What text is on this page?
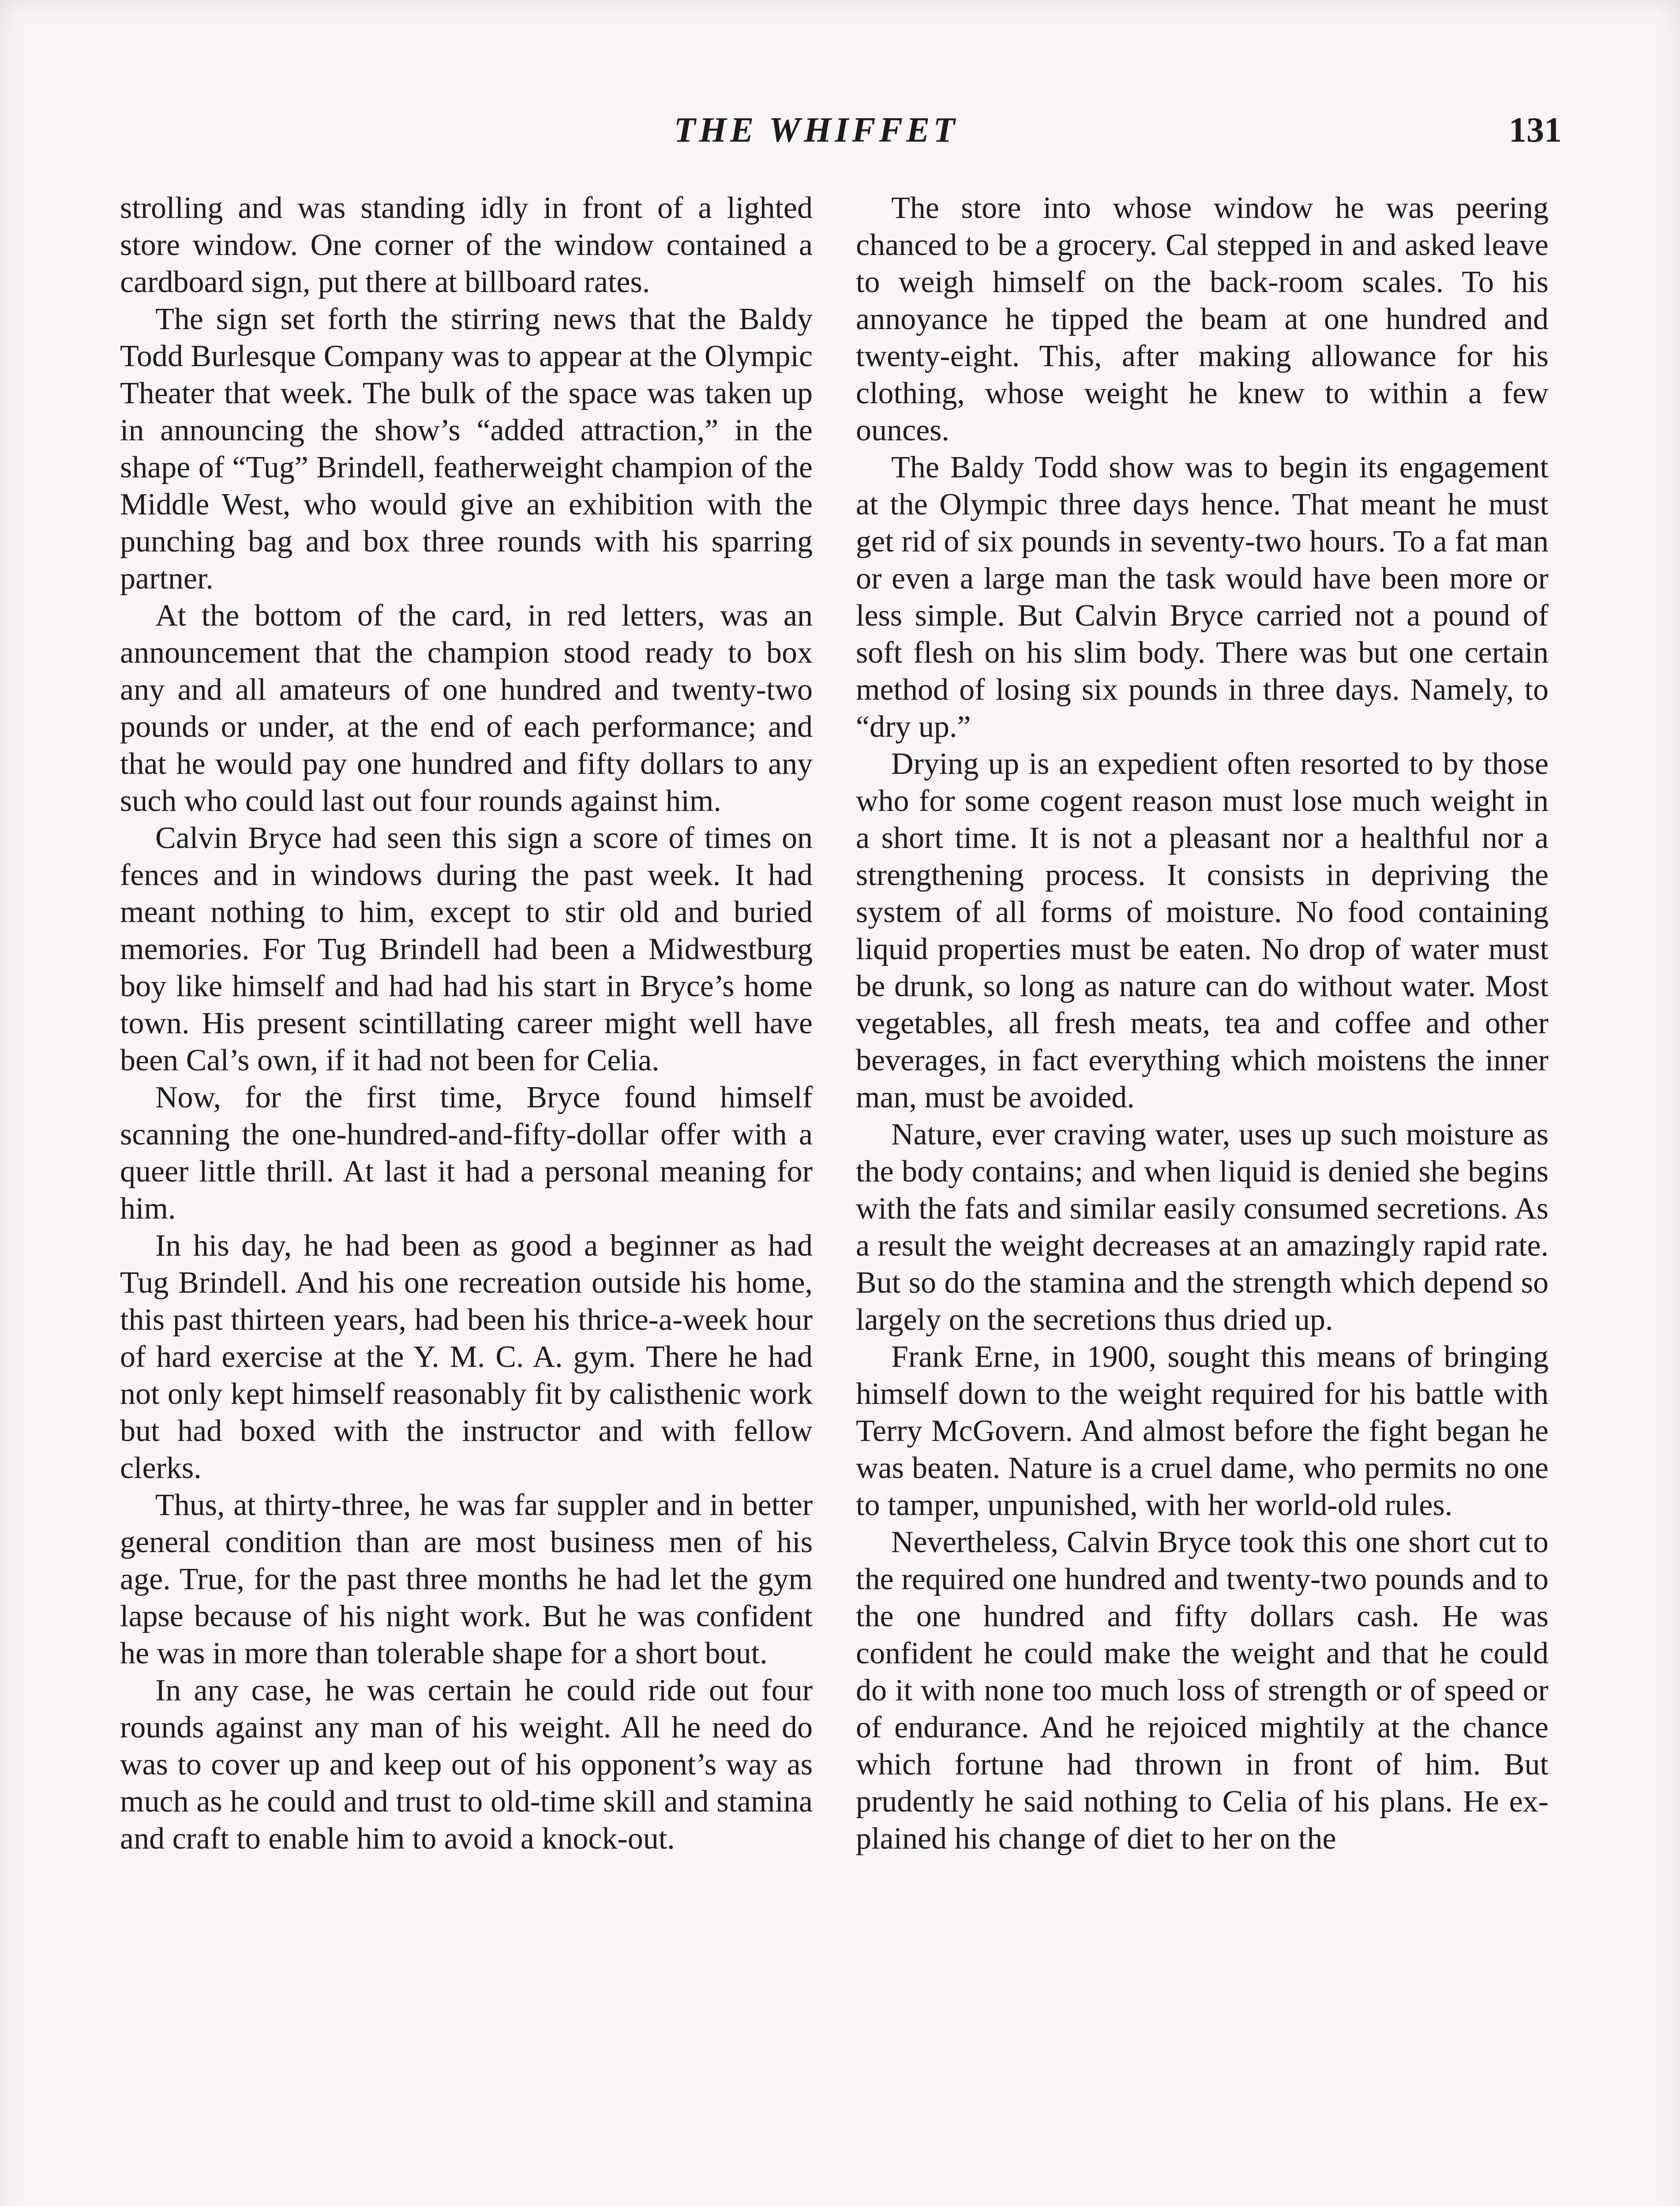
THE WHIFFET	131

strolling and was standing idly in front of a lighted store window. One corner of the window contained a cardboard sign, put there at billboard rates.

The sign set forth the stirring news that the Baldy Todd Burlesque Company was to appear at the Olympic Theater that week. The bulk of the space was taken up in announcing the show’s “added attraction,” in the shape of “Tug” Brindell, featherweight champion of the Middle West, who would give an exhibition with the punching bag and box three rounds with his sparring partner.

At the bottom of the card, in red letters, was an announcement that the champion stood ready to box any and all amateurs of one hundred and twenty-two pounds or under, at the end of each performance; and that he would pay one hundred and fifty dollars to any such who could last out four rounds against him.

Calvin Bryce had seen this sign a score of times on fences and in windows during the past week. It had meant nothing to him, except to stir old and buried memories. For Tug Brindell had been a Midwestburg boy like himself and had had his start in Bryce’s home town. His present scintillating career might well have been Cal’s own, if it had not been for Celia.

Now, for the first time, Bryce found himself scanning the one-hundred-and-fifty-dollar offer with a queer little thrill. At last it had a personal meaning for him.

In his day, he had been as good a beginner as had Tug Brindell. And his one recreation outside his home, this past thirteen years, had been his thrice-a-week hour of hard exercise at the Y. M. C. A. gym. There he had not only kept himself reasonably fit by calisthenic work but had boxed with the instructor and with fellow clerks.

Thus, at thirty-three, he was far suppler and in better general condition than are most business men of his age. True, for the past three months he had let the gym lapse because of his night work. But he was confident he was in more than tolerable shape for a short bout.

In any case, he was certain he could ride out four rounds against any man of his weight. All he need do was to cover up and keep out of his opponent’s way as much as he could and trust to old-time skill and stamina and craft to enable him to avoid a knock-out.

The store into whose window he was peering chanced to be a grocery. Cal stepped in and asked leave to weigh himself on the back-room scales. To his annoyance he tipped the beam at one hundred and twenty-eight. This, after making allowance for his clothing, whose weight he knew to within a few ounces.

The Baldy Todd show was to begin its engagement at the Olympic three days hence. That meant he must get rid of six pounds in seventy-two hours. To a fat man or even a large man the task would have been more or less simple. But Calvin Bryce carried not a pound of soft flesh on his slim body. There was but one certain method of losing six pounds in three days. Namely, to “dry up.”

Drying up is an expedient often resorted to by those who for some cogent reason must lose much weight in a short time. It is not a pleasant nor a healthful nor a strengthening process. It consists in depriving the system of all forms of moisture. No food containing liquid properties must be eaten. No drop of water must be drunk, so long as nature can do without water. Most vegetables, all fresh meats, tea and coffee and other beverages, in fact everything which moistens the inner man, must be avoided.

Nature, ever craving water, uses up such moisture as the body contains; and when liquid is denied she begins with the fats and similar easily consumed secretions. As a result the weight decreases at an amazingly rapid rate. But so do the stamina and the strength which depend so largely on the secretions thus dried up.

Frank Erne, in 1900, sought this means of bringing himself down to the weight required for his battle with Terry McGovern. And almost before the fight began he was beaten. Nature is a cruel dame, who permits no one to tamper, unpunished, with her world-old rules.

Nevertheless, Calvin Bryce took this one short cut to the required one hundred and twenty-two pounds and to the one hundred and fifty dollars cash. He was confident he could make the weight and that he could do it with none too much loss of strength or of speed or of endurance. And he rejoiced mightily at the chance which fortune had thrown in front of him. But prudently he said nothing to Celia of his plans. He explained his change of diet to her on the
